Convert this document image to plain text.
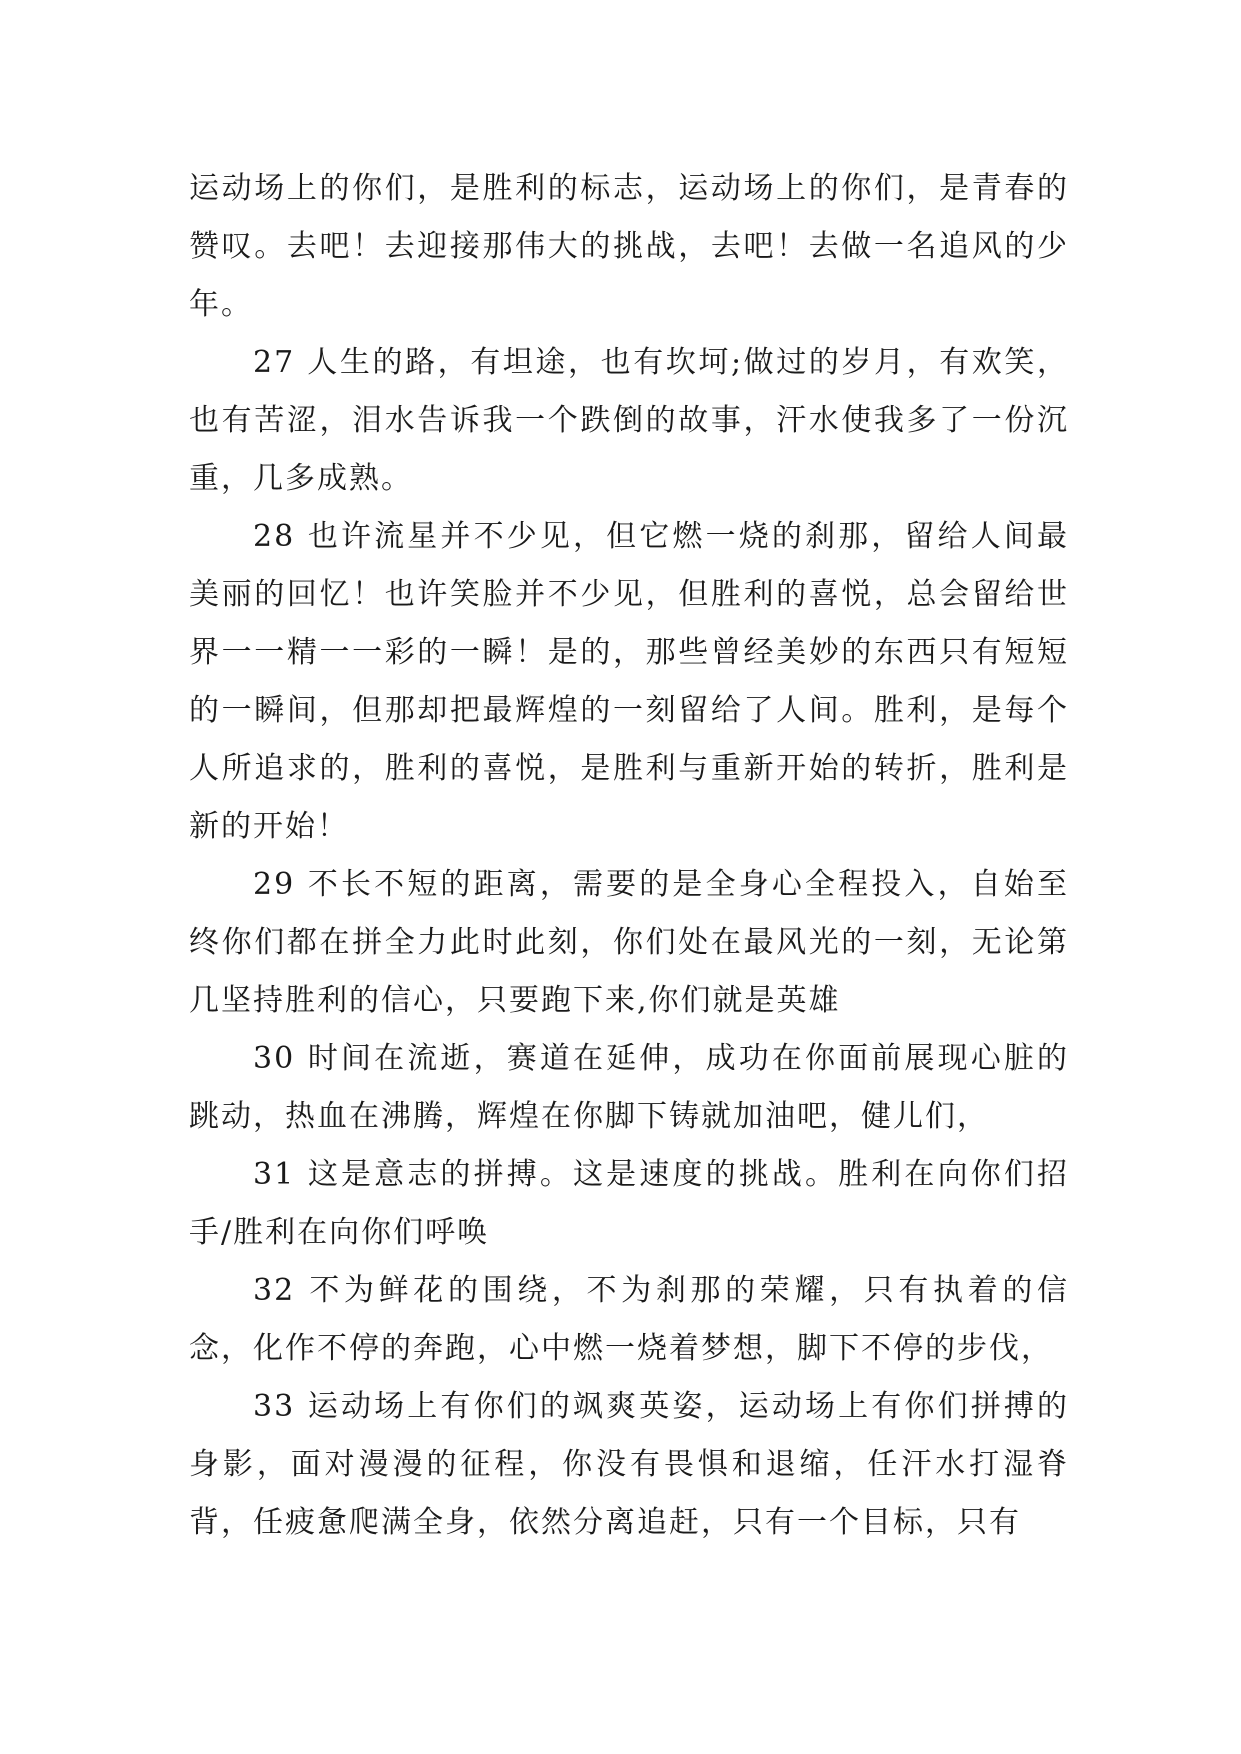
运动场上的你们，是胜利的标志，运动场上的你们，是青春的赞叹。去吧！去迎接那伟大的挑战，去吧！去做一名追风的少年。

27 人生的路，有坦途，也有坎坷;做过的岁月，有欢笑，也有苦涩，泪水告诉我一个跌倒的故事，汗水使我多了一份沉重，几多成熟。

28 也许流星并不少见，但它燃一烧的刹那，留给人间最美丽的回忆！也许笑脸并不少见，但胜利的喜悦，总会留给世界一一精一一彩的一瞬！是的，那些曾经美妙的东西只有短短的一瞬间，但那却把最辉煌的一刻留给了人间。胜利，是每个人所追求的，胜利的喜悦，是胜利与重新开始的转折，胜利是新的开始！

29 不长不短的距离，需要的是全身心全程投入，自始至终你们都在拼全力此时此刻，你们处在最风光的一刻，无论第几坚持胜利的信心，只要跑下来,你们就是英雄

30 时间在流逝，赛道在延伸，成功在你面前展现心脏的跳动，热血在沸腾，辉煌在你脚下铸就加油吧，健儿们，

31 这是意志的拼搏。这是速度的挑战。胜利在向你们招手/胜利在向你们呼唤

32 不为鲜花的围绕，不为刹那的荣耀，只有执着的信念，化作不停的奔跑，心中燃一烧着梦想，脚下不停的步伐，

33 运动场上有你们的飒爽英姿，运动场上有你们拼搏的身影，面对漫漫的征程，你没有畏惧和退缩，任汗水打湿脊背，任疲惫爬满全身，依然分离追赶，只有一个目标，只有
